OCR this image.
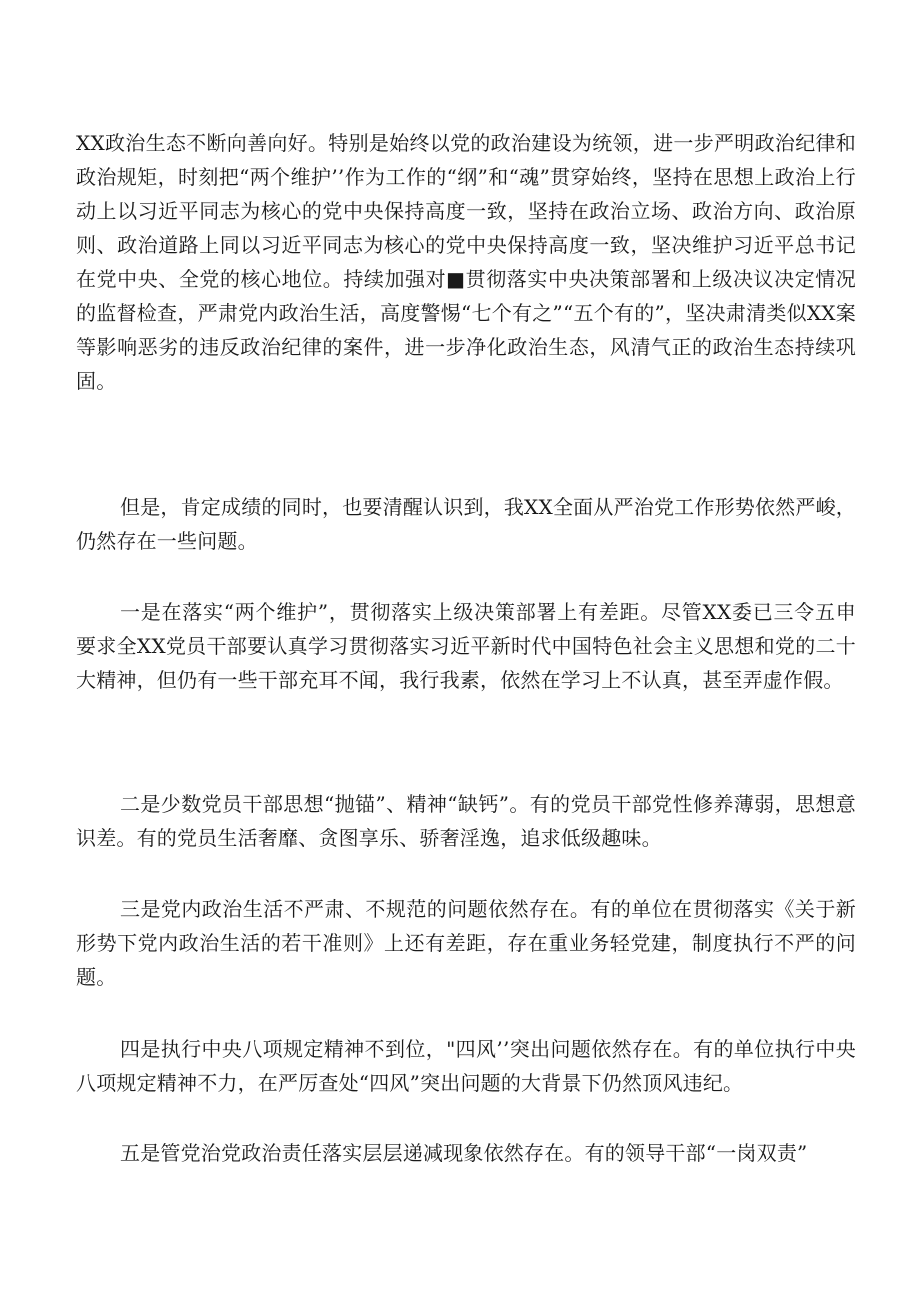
XX政治生态不断向善向好。特别是始终以党的政治建设为统领，进一步严明政治纪律和政治规矩，时刻把“两个维护’’作为工作的“纲”和“魂”贯穿始终，坚持在思想上政治上行动上以习近平同志为核心的党中央保持高度一致，坚持在政治立场、政治方向、政治原则、政治道路上同以习近平同志为核心的党中央保持高度一致，坚决维护习近平总书记在党中央、全党的核心地位。持续加强对■贯彻落实中央决策部署和上级决议决定情况的监督检查，严肃党内政治生活，高度警惕“七个有之”“五个有的”，坚决肃清类似XX案等影响恶劣的违反政治纪律的案件，进一步净化政治生态，风清气正的政治生态持续巩固。

但是，肯定成绩的同时，也要清醒认识到，我XX全面从严治党工作形势依然严峻，仍然存在一些问题。

一是在落实“两个维护”，贯彻落实上级决策部署上有差距。尽管XX委已三令五申要求全XX党员干部要认真学习贯彻落实习近平新时代中国特色社会主义思想和党的二十大精神，但仍有一些干部充耳不闻，我行我素，依然在学习上不认真，甚至弄虚作假。

二是少数党员干部思想“抛锚”、精神“缺钙”。有的党员干部党性修养薄弱，思想意识差。有的党员生活奢靡、贪图享乐、骄奢淫逸，追求低级趣味。

三是党内政治生活不严肃、不规范的问题依然存在。有的单位在贯彻落实《关于新形势下党内政治生活的若干准则》上还有差距，存在重业务轻党建，制度执行不严的问题。

四是执行中央八项规定精神不到位，"四风’’突出问题依然存在。有的单位执行中央八项规定精神不力，在严厉查处“四风”突出问题的大背景下仍然顶风违纪。

五是管党治党政治责任落实层层递减现象依然存在。有的领导干部“一岗双责”
